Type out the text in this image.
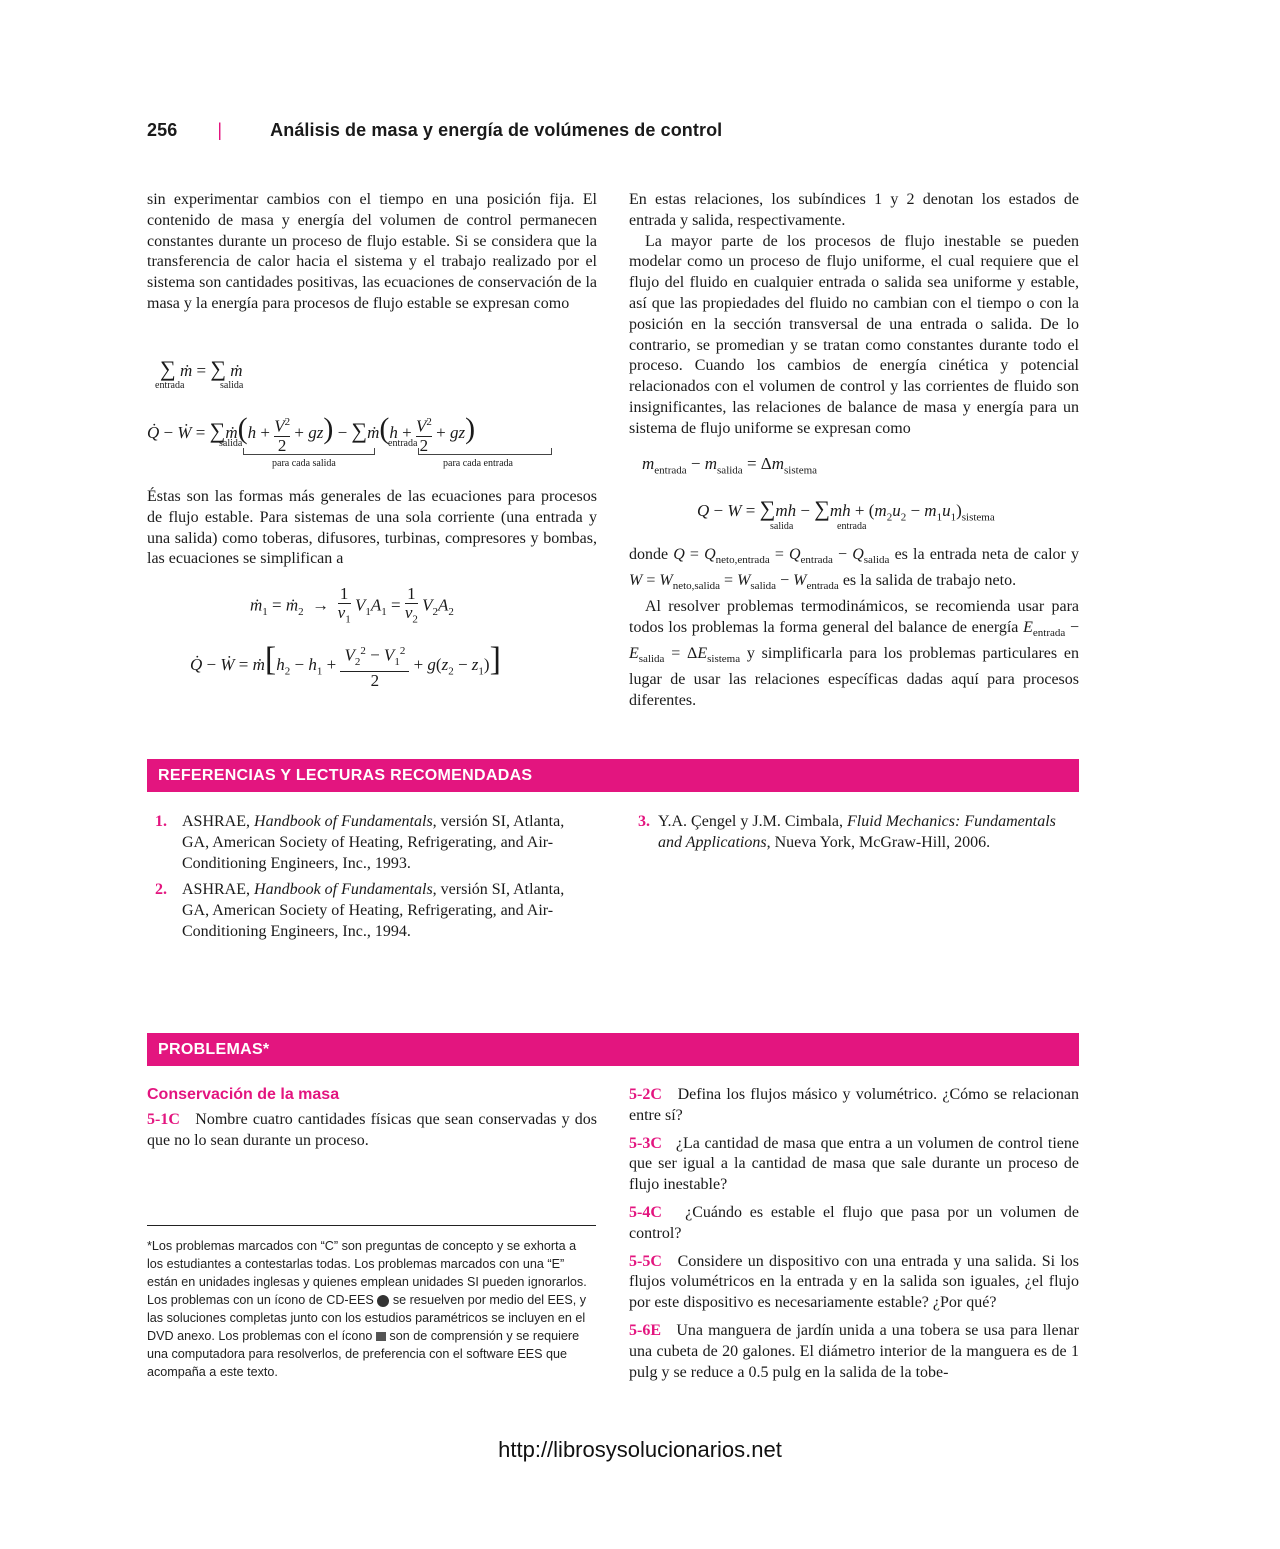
256 |	Análisis de masa y energía de volúmenes de control

sin experimentar cambios con el tiempo en una posición fija. El contenido de masa y energía del volumen de control permanecen constantes durante un proceso de flujo estable. Si se considera que la transferencia de calor hacia el sistema y el trabajo realizado por el sistema son cantidades positivas, las ecuaciones de conservación de la masa y la energía para procesos de flujo estable se expresan como

∑ ṁ = ∑ ṁ
entrada	salida
Q̇ − Ẇ = ∑ṁ(h + $\frac{V^2}{2} + gz$) − ∑ṁ(h + $\frac{V^2}{2} + gz$)
salida	entrada
para cada salida	para cada entrada

Éstas son las formas más generales de las ecuaciones para procesos de flujo estable. Para sistemas de una sola corriente (una entrada y una salida) como toberas, difusores, turbinas, compresores y bombas, las ecuaciones se simplifican a

ṁ$_1$ = ṁ$_2$  → $\frac{1}{v_1} V_1A_1 = \frac{1}{v_2} V_2A_2$
Q̇ − Ẇ = $ṁ[h_2 - h_1 + \frac{V_2^2 - V_1^2}{2} + g(z_2 - z_1)]$

En estas relaciones, los subíndices 1 y 2 denotan los estados de entrada y salida, respectivamente.

La mayor parte de los procesos de flujo inestable se pueden modelar como un proceso de flujo uniforme, el cual requiere que el flujo del fluido en cualquier entrada o salida sea uniforme y estable, así que las propiedades del fluido no cambian con el tiempo o con la posición en la sección transversal de una entrada o salida. De lo contrario, se promedian y se tratan como constantes durante todo el proceso. Cuando los cambios de energía cinética y potencial relacionados con el volumen de control y las corrientes de fluido son insignificantes, las relaciones de balance de masa y energía para un sistema de flujo uniforme se expresan como

$m_{entrada} - m_{salida} = \Delta m_{sistema}$
$Q - W = \sum mh - \sum mh + (m_2u_2 - m_1u_1)_{sistema}$
salida	entrada

donde $Q = Q_{neto,entrada} = Q_{entrada} - Q_{salida}$ es la entrada neta de calor y $W = W_{neto,salida} = W_{salida} - W_{entrada}$ es la salida de trabajo neto.

Al resolver problemas termodinámicos, se recomienda usar para todos los problemas la forma general del balance de energía $E_{entrada} - E_{salida} = \Delta E_{sistema}$ y simplificarla para los problemas particulares en lugar de usar las relaciones específicas dadas aquí para procesos diferentes.

REFERENCIAS Y LECTURAS RECOMENDADAS
1. ASHRAE, Handbook of Fundamentals, versión SI, Atlanta, GA, American Society of Heating, Refrigerating, and Air-Conditioning Engineers, Inc., 1993.
2. ASHRAE, Handbook of Fundamentals, versión SI, Atlanta, GA, American Society of Heating, Refrigerating, and Air-Conditioning Engineers, Inc., 1994.
3. Y.A. Çengel y J.M. Cimbala, Fluid Mechanics: Fundamentals and Applications, Nueva York, McGraw-Hill, 2006.
PROBLEMAS*

Conservación de la masa

5-1C Nombre cuatro cantidades físicas que sean conservadas y dos que no lo sean durante un proceso.

5-2C Defina los flujos másico y volumétrico. ¿Cómo se relacionan entre sí?

5-3C ¿La cantidad de masa que entra a un volumen de control tiene que ser igual a la cantidad de masa que sale durante un proceso de flujo inestable?

5-4C ¿Cuándo es estable el flujo que pasa por un volumen de control?

5-5C Considere un dispositivo con una entrada y una salida. Si los flujos volumétricos en la entrada y en la salida son iguales, ¿el flujo por este dispositivo es necesariamente estable? ¿Por qué?

5-6E Una manguera de jardín unida a una tobera se usa para llenar una cubeta de 20 galones. El diámetro interior de la manguera es de 1 pulg y se reduce a 0.5 pulg en la salida de la tobe-

*Los problemas marcados con “C” son preguntas de concepto y se exhorta a los estudiantes a contestarlas todas. Los problemas marcados con una “E” están en unidades inglesas y quienes emplean unidades SI pueden ignorarlos. Los problemas con un ícono de CD-EES se resuelven por medio del EES, y las soluciones completas junto con los estudios paramétricos se incluyen en el DVD anexo. Los problemas con el ícono son de comprensión y se requiere una computadora para resolverlos, de preferencia con el software EES que acompaña a este texto.
http://librosysolucionarios.net
